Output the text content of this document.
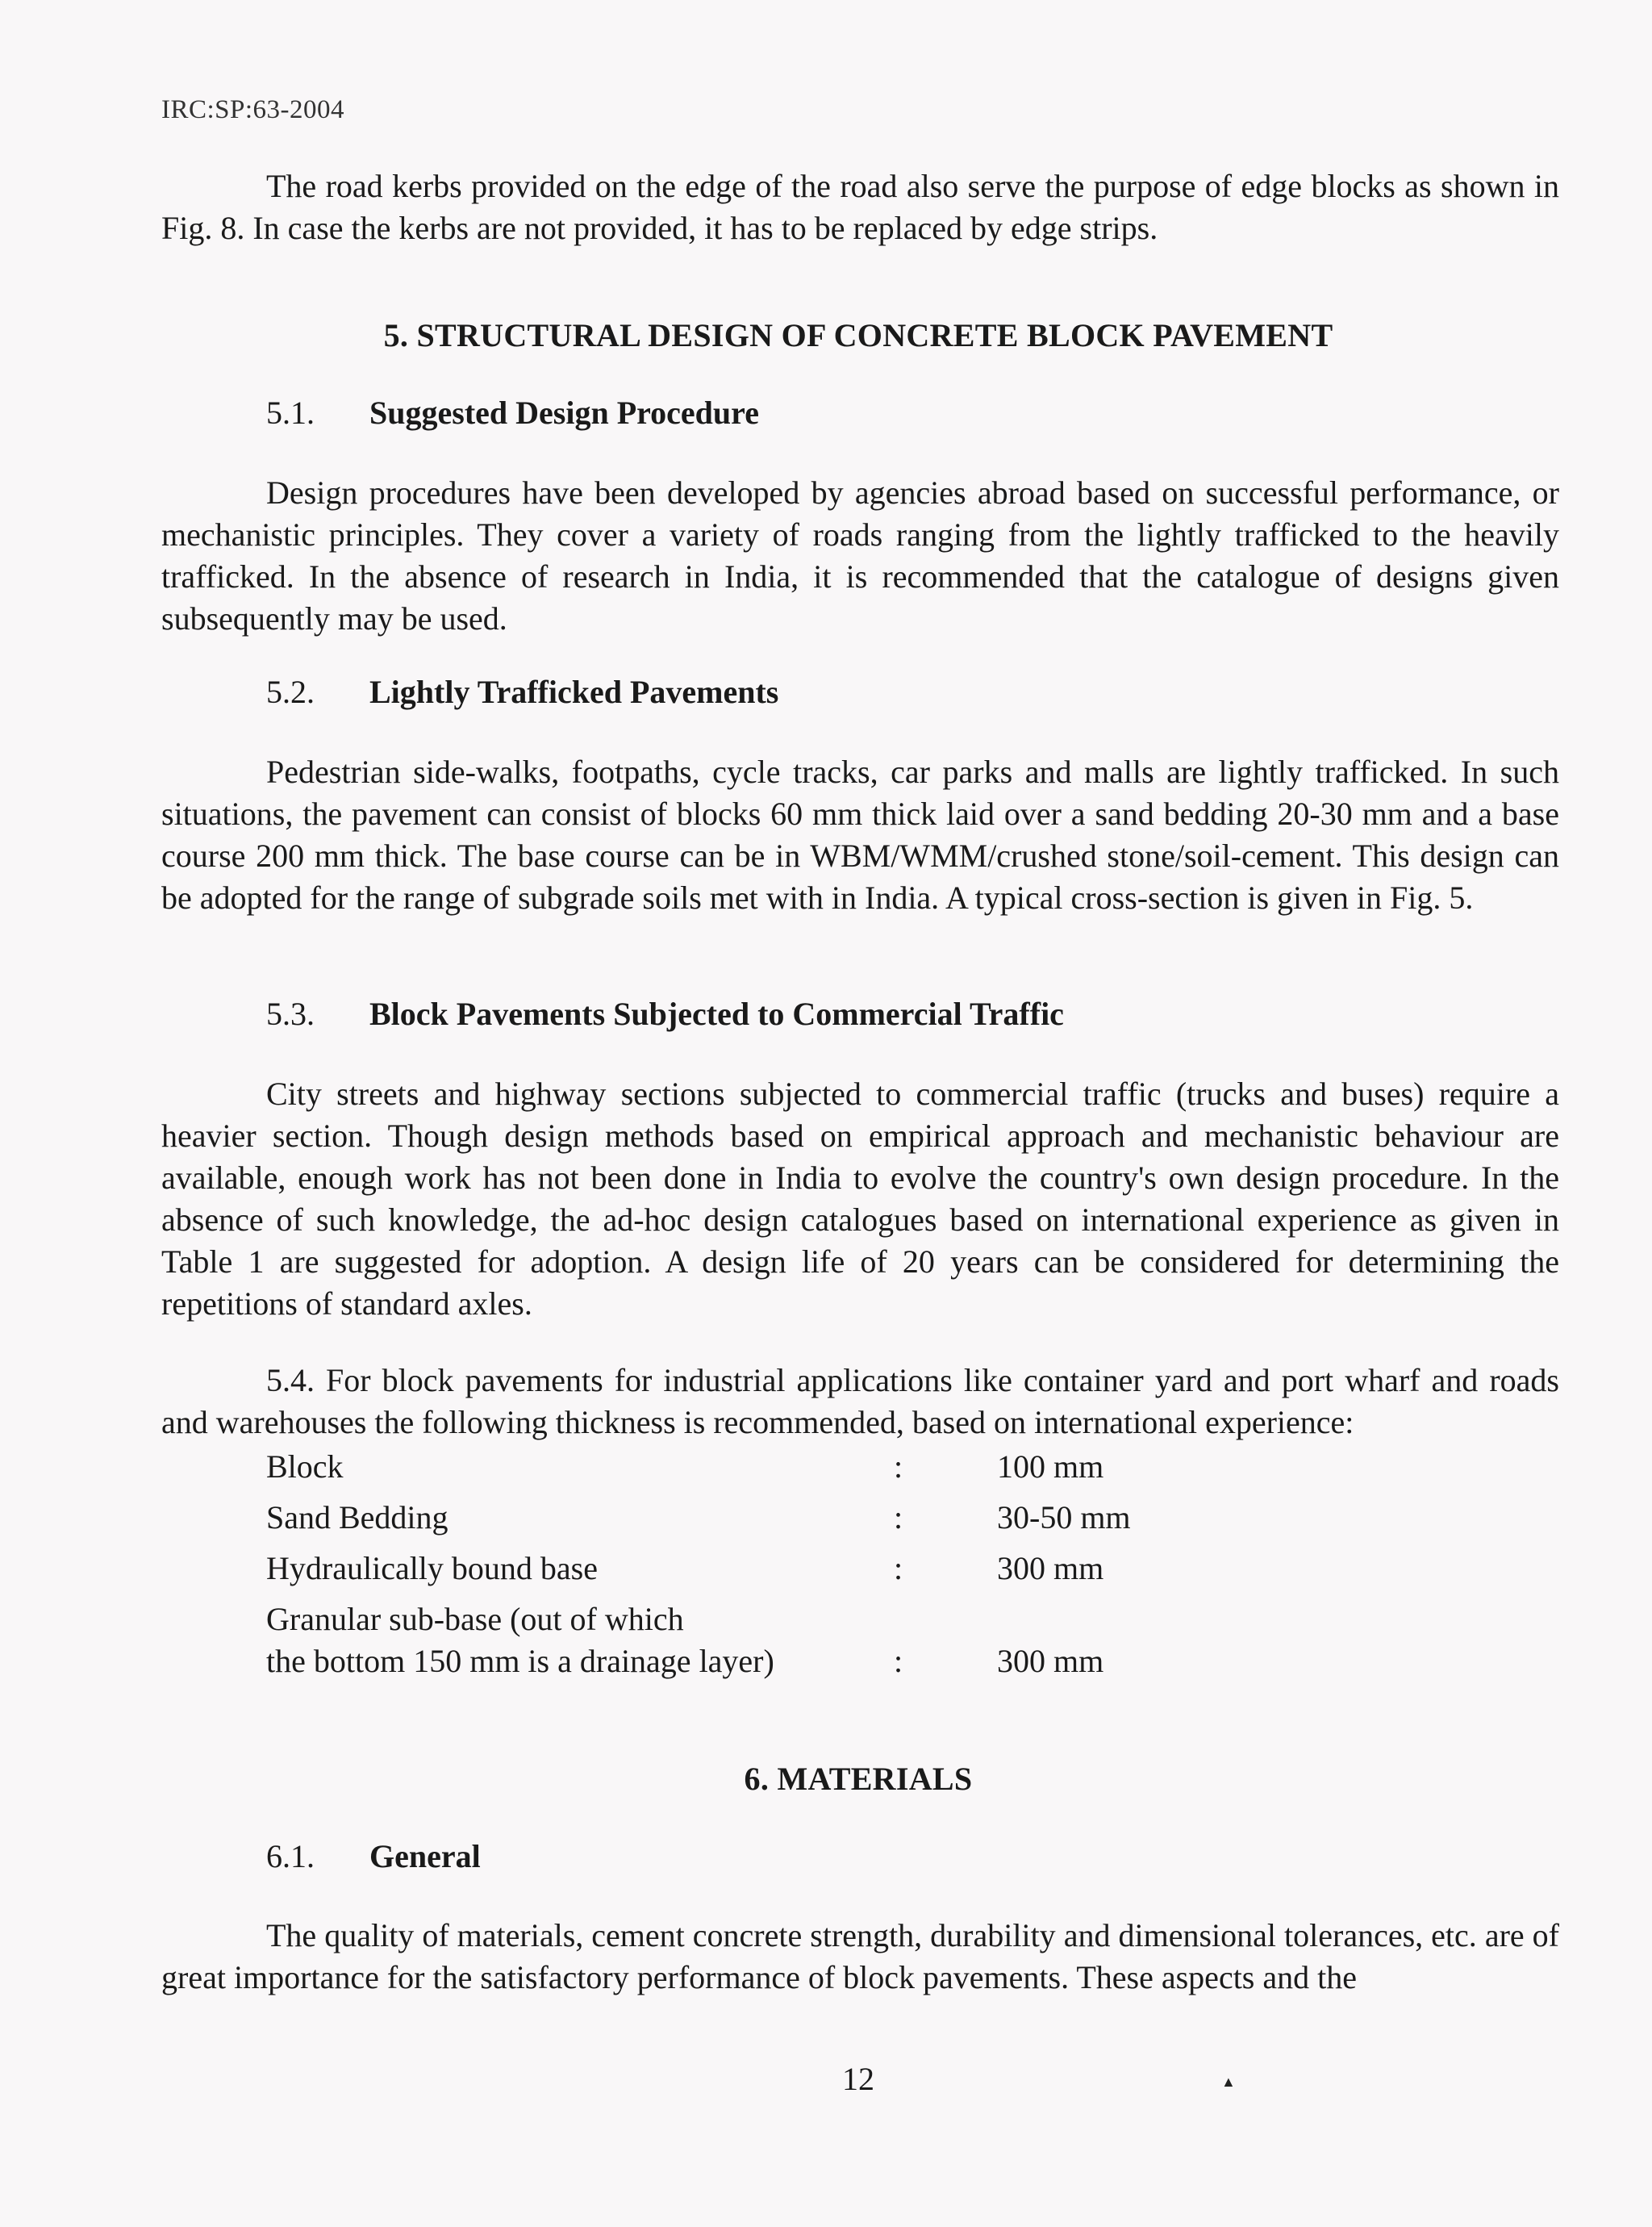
IRC:SP:63-2004

The road kerbs provided on the edge of the road also serve the purpose of edge blocks as shown in Fig. 8. In case the kerbs are not provided, it has to be replaced by edge strips.

5. STRUCTURAL DESIGN OF CONCRETE BLOCK PAVEMENT
5.1. Suggested Design Procedure

Design procedures have been developed by agencies abroad based on successful performance, or mechanistic principles. They cover a variety of roads ranging from the lightly trafficked to the heavily trafficked. In the absence of research in India, it is recommended that the catalogue of designs given subsequently may be used.

5.2. Lightly Trafficked Pavements

Pedestrian side-walks, footpaths, cycle tracks, car parks and malls are lightly trafficked. In such situations, the pavement can consist of blocks 60 mm thick laid over a sand bedding 20-30 mm and a base course 200 mm thick. The base course can be in WBM/WMM/crushed stone/soil-cement. This design can be adopted for the range of subgrade soils met with in India. A typical cross-section is given in Fig. 5.

5.3. Block Pavements Subjected to Commercial Traffic

City streets and highway sections subjected to commercial traffic (trucks and buses) require a heavier section. Though design methods based on empirical approach and mechanistic behaviour are available, enough work has not been done in India to evolve the country's own design procedure. In the absence of such knowledge, the ad-hoc design catalogues based on international experience as given in Table 1 are suggested for adoption. A design life of 20 years can be considered for determining the repetitions of standard axles.

5.4. For block pavements for industrial applications like container yard and port wharf and roads and warehouses the following thickness is recommended, based on international experience:

Block	:	100 mm
Sand Bedding	:	30-50 mm
Hydraulically bound base	:	300 mm
Granular sub-base (out of which
the bottom 150 mm is a drainage layer)	:	300 mm
6. MATERIALS
6.1. General

The quality of materials, cement concrete strength, durability and dimensional tolerances, etc. are of great importance for the satisfactory performance of block pavements. These aspects and the

12	▲
